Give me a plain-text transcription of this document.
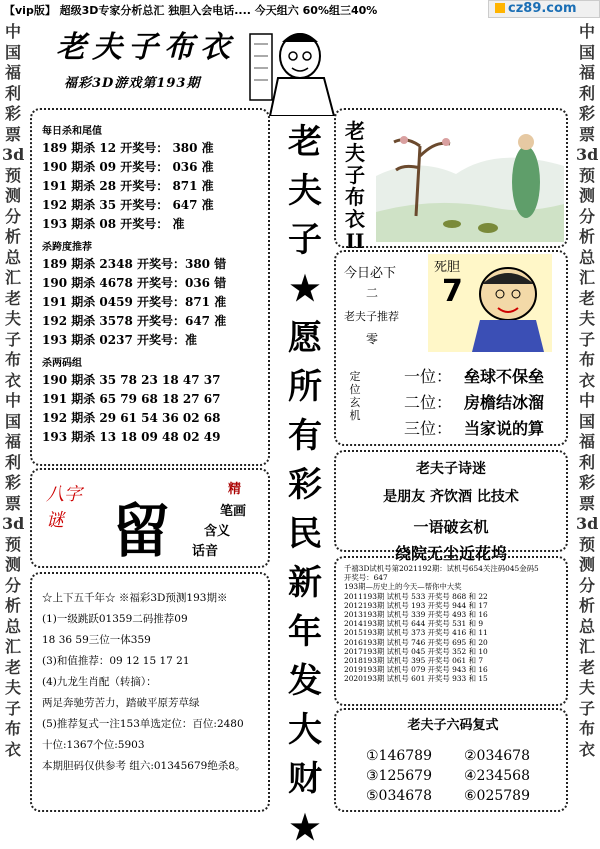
【vip版】 超级3D专家分析总汇 独胆入会电话.... 今天组六 60%组三40%	cz89.com
中国福利彩票3d预测分析总汇老夫子布衣中国福利彩票3d预测分析总汇老夫子布衣
中国福利彩票3d预测分析总汇老夫子布衣中国福利彩票3d预测分析总汇老夫子布衣
老夫子布衣
福彩3D游戏第193期
每日杀和尾值
189 期杀 12 开奖号： 380 准
190 期杀 09 开奖号： 036 准
191 期杀 28 开奖号： 871 准
192 期杀 35 开奖号： 647 准
193 期杀 08 开奖号： 准
杀跨度推荐
189 期杀 2348 开奖号：380 错
190 期杀 4678 开奖号：036 错
191 期杀 0459 开奖号：871 准
192 期杀 3578 开奖号：647 准
193 期杀 0237 开奖号：准
杀两码组
190 期杀 35 78 23 18 47 37
191 期杀 65 79 68 18 27 67
192 期杀 29 61 54 36 02 68
193 期杀 13 18 09 48 02 49
八字谜 留
精
笔画
含义
话音
☆上下五千年☆ ※福彩3D预测193期※
(1)一级跳跃01359二码推荐09
18 36 59三位一体359
(3)和值推荐：09 12 15 17 21
(4)九龙生肖配（转摘）：
两足奔驰劳苦力，踏破平原芳草绿
(5)推荐复式一注153单选定位：百位:2480
十位:1367个位:5903
本期胆码仅供参考 组六:01345679绝杀8。
老
夫
子
★
愿
所
有
彩
民
新
年
发
大
财
★
老夫子布衣II
今日必下
二
老夫子推荐
零
死胆
7
定位玄机
一位： 垒球不保垒
二位： 房檐结冰溜
三位： 当家说的算
老夫子诗迷
是朋友 齐饮酒 比技术
一语破玄机
绕院无尘近花坞
千禧3D试机号第2021192期：试机号654关注码045金码5
开奖号：647
193期—历史上的今天—帮你中大奖
2011193期 试机号 533 开奖号 868 和 22
2012193期 试机号 193 开奖号 944 和 17
2013193期 试机号 339 开奖号 493 和 16
2014193期 试机号 644 开奖号 531 和 9
2015193期 试机号 373 开奖号 416 和 11
2016193期 试机号 746 开奖号 695 和 20
2017193期 试机号 045 开奖号 352 和 10
2018193期 试机号 395 开奖号 061 和 7
2019193期 试机号 079 开奖号 943 和 16
2020193期 试机号 601 开奖号 933 和 15
老夫子六码复式
①146789 ②034678
③125679 ④234568
⑤034678 ⑥025789
